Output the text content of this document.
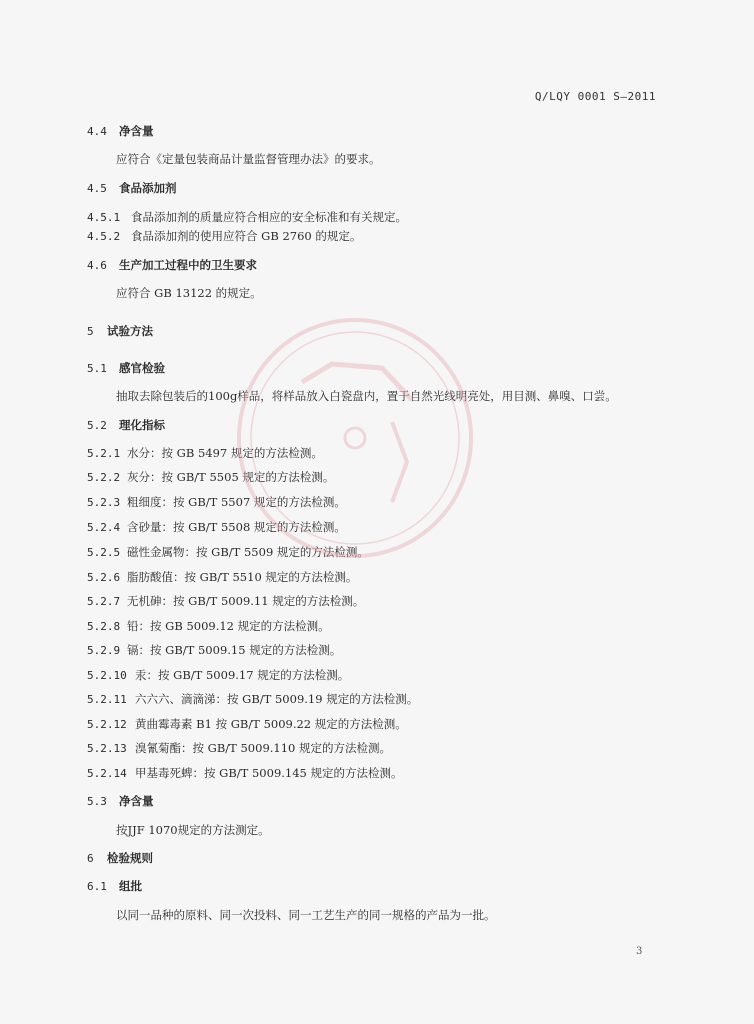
Q/LQY 0001 S—2011
4.4 净含量
应符合《定量包装商品计量监督管理办法》的要求。
4.5 食品添加剂
4.5.1 食品添加剂的质量应符合相应的安全标准和有关规定。
4.5.2 食品添加剂的使用应符合 GB 2760 的规定。
4.6 生产加工过程中的卫生要求
应符合 GB 13122 的规定。
5 试验方法
5.1 感官检验
抽取去除包装后的100g样品，将样品放入白瓷盘内，置于自然光线明亮处，用目测、鼻嗅、口尝。
5.2 理化指标
5.2.1 水分：按 GB 5497 规定的方法检测。
5.2.2 灰分：按 GB/T 5505 规定的方法检测。
5.2.3 粗细度：按 GB/T 5507 规定的方法检测。
5.2.4 含砂量：按 GB/T 5508 规定的方法检测。
5.2.5 磁性金属物：按 GB/T 5509 规定的方法检测。
5.2.6 脂肪酸值：按 GB/T 5510 规定的方法检测。
5.2.7 无机砷：按 GB/T 5009.11 规定的方法检测。
5.2.8 铅：按 GB 5009.12 规定的方法检测。
5.2.9 镉：按 GB/T 5009.15 规定的方法检测。
5.2.10 汞：按 GB/T 5009.17 规定的方法检测。
5.2.11 六六六、滴滴涕：按 GB/T 5009.19 规定的方法检测。
5.2.12 黄曲霉毒素 B1 按 GB/T 5009.22 规定的方法检测。
5.2.13 溴氰菊酯：按 GB/T 5009.110 规定的方法检测。
5.2.14 甲基毒死蜱：按 GB/T 5009.145 规定的方法检测。
5.3 净含量
按JJF 1070规定的方法测定。
6 检验规则
6.1 组批
以同一品种的原料、同一次投料、同一工艺生产的同一规格的产品为一批。
3
